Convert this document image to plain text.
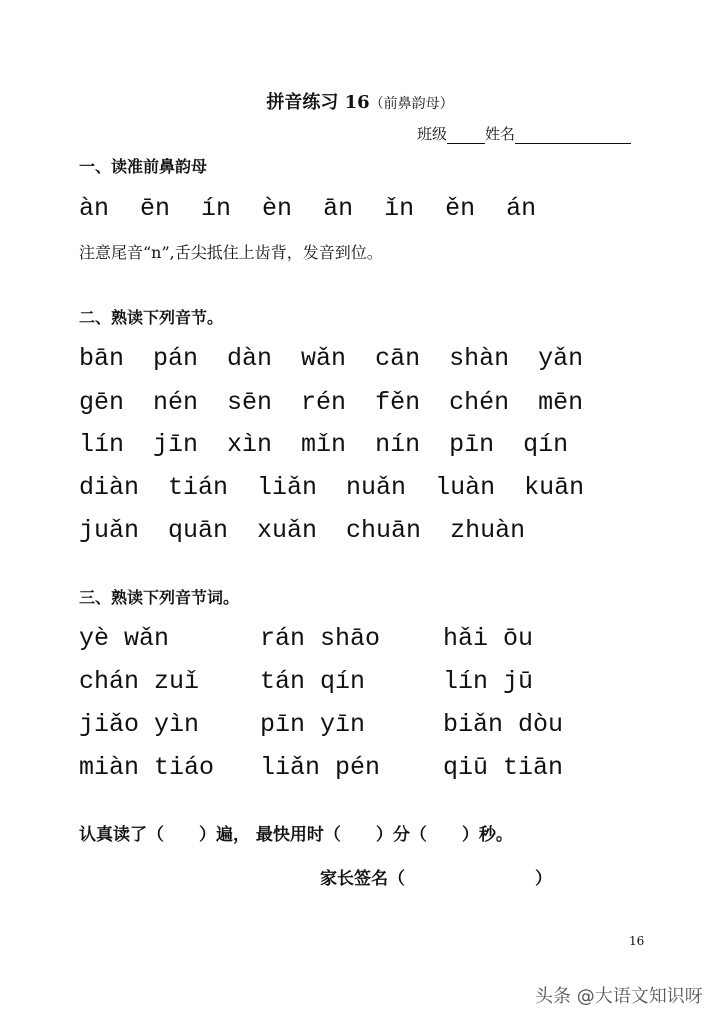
拼音练习 16（前鼻韵母）
班级	姓名
一、读准前鼻韵母
àn ēn ín èn ān ǐn ěn án
注意尾音“n”,舌尖抵住上齿背，发音到位。
二、熟读下列音节。
bān pán dàn wǎn cān shàn yǎn
gēn nén sēn rén fěn chén mēn
lín jīn xìn mǐn nín pīn qín
diàn tián liǎn nuǎn luàn kuān
juǎn quān xuǎn chuān zhuàn
三、熟读下列音节词。
yè wǎn	rán shāo	hǎi ōu
chán zuǐ	tán qín	lín jū
jiǎo yìn	pīn yīn	biǎn dòu
miàn tiáo	liǎn pén	qiū tiān
认真读了（ ）遍， 最快用时（ ）分（ ）秒。
家长签名（	）
16
头条 @大语文知识呀
